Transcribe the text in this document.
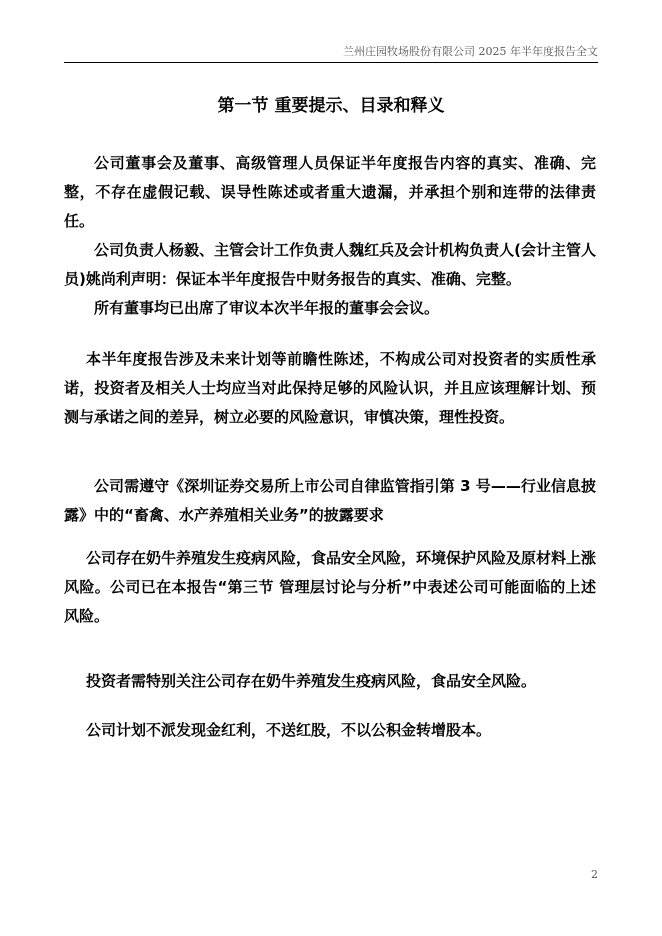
兰州庄园牧场股份有限公司 2025 年半年度报告全文
第一节 重要提示、目录和释义

公司董事会及董事、高级管理人员保证半年度报告内容的真实、准确、完整，不存在虚假记载、误导性陈述或者重大遗漏，并承担个别和连带的法律责任。

公司负责人杨毅、主管会计工作负责人魏红兵及会计机构负责人(会计主管人员)姚尚利声明：保证本半年度报告中财务报告的真实、准确、完整。

所有董事均已出席了审议本次半年报的董事会会议。

本半年度报告涉及未来计划等前瞻性陈述，不构成公司对投资者的实质性承诺，投资者及相关人士均应当对此保持足够的风险认识，并且应该理解计划、预测与承诺之间的差异，树立必要的风险意识，审慎决策，理性投资。

公司需遵守《深圳证券交易所上市公司自律监管指引第 3 号——行业信息披露》中的“畜禽、水产养殖相关业务”的披露要求

公司存在奶牛养殖发生疫病风险，食品安全风险，环境保护风险及原材料上涨风险。公司已在本报告“第三节 管理层讨论与分析”中表述公司可能面临的上述风险。

投资者需特别关注公司存在奶牛养殖发生疫病风险，食品安全风险。

公司计划不派发现金红利，不送红股，不以公积金转增股本。

2
